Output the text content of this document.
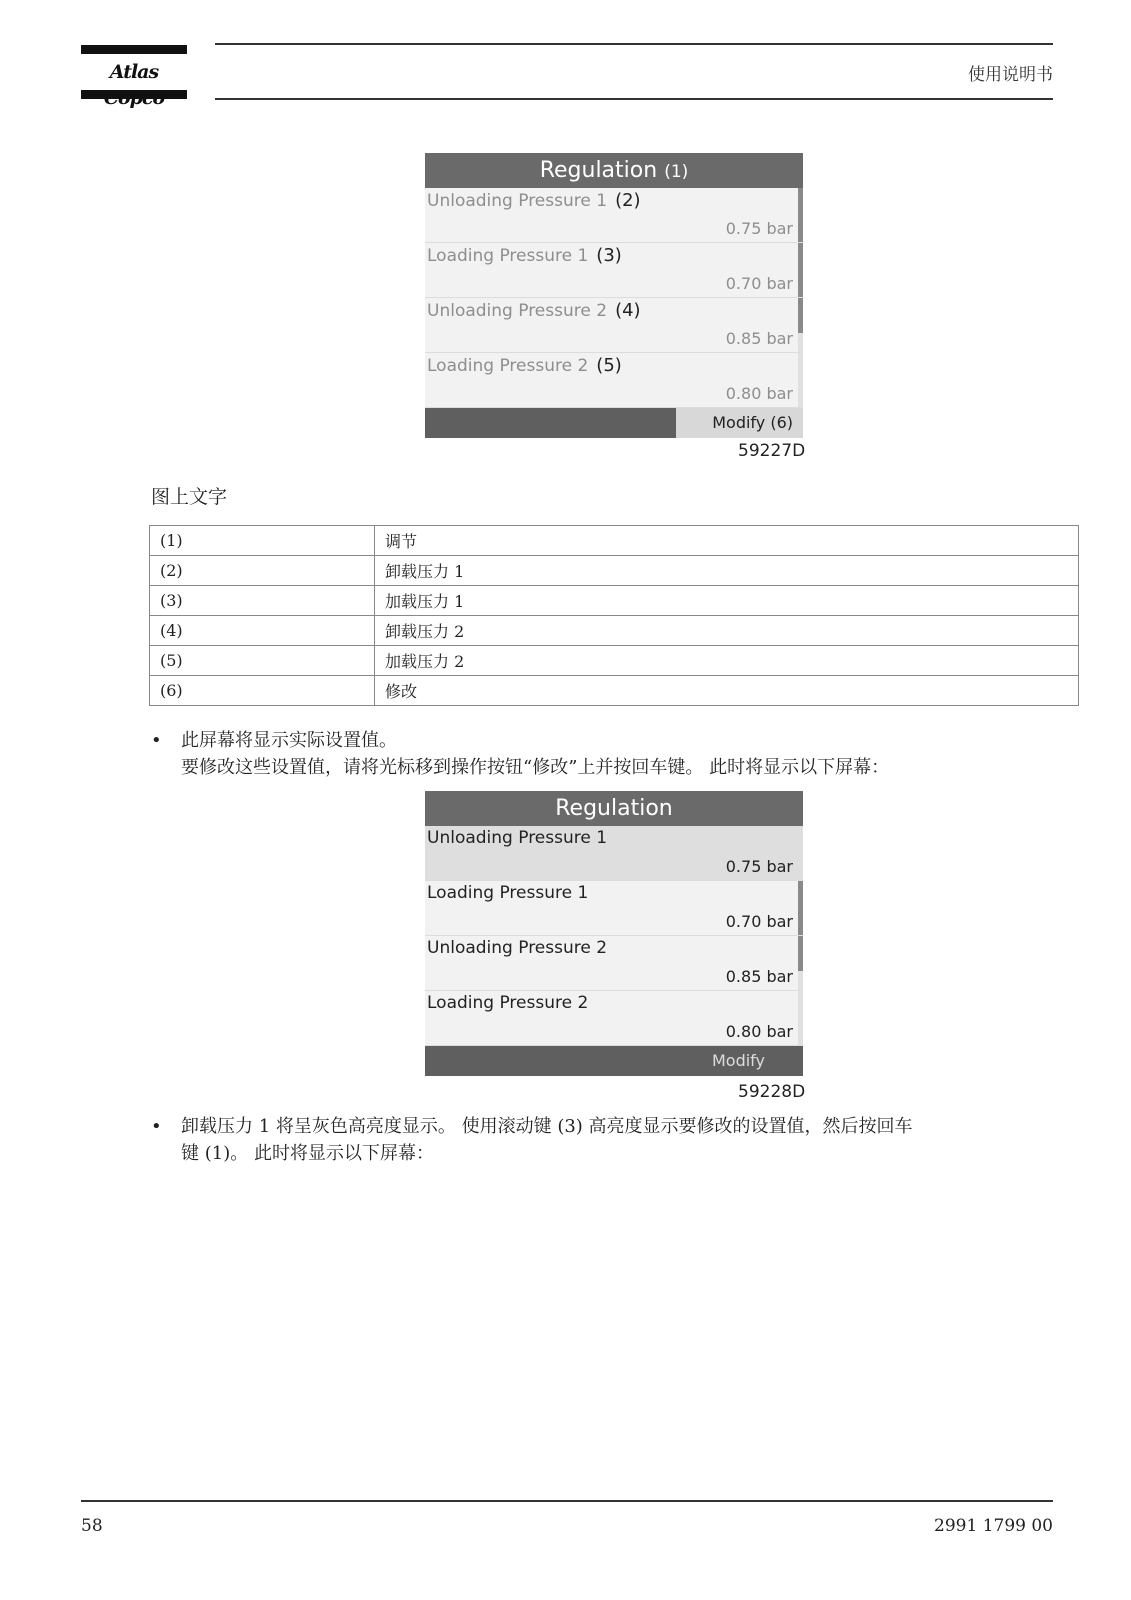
Atlas	使用说明书
Regulation (1)
Unloading Pressure 1 (2)
0.75 bar
Loading Pressure 1 (3)
0.70 bar
Unloading Pressure 2 (4)
0.85 bar
Loading Pressure 2 (5)
0.80 bar
Modify (6)
59227D
图上文字
(1)	调节
(2)	卸载压力 1
(3)	加载压力 1
(4)	卸载压力 2
(5)	加载压力 2
(6)	修改
• 此屏幕将显示实际设置值。
要修改这些设置值，请将光标移到操作按钮“修改”上并按回车键。 此时将显示以下屏幕：
Regulation
Unloading Pressure 1
0.75 bar
Loading Pressure 1
0.70 bar
Unloading Pressure 2
0.85 bar
Loading Pressure 2
0.80 bar
Modify
59228D
• 卸载压力 1 将呈灰色高亮度显示。 使用滚动键 (3) 高亮度显示要修改的设置值，然后按回车
键 (1)。 此时将显示以下屏幕：
58	2991 1799 00
